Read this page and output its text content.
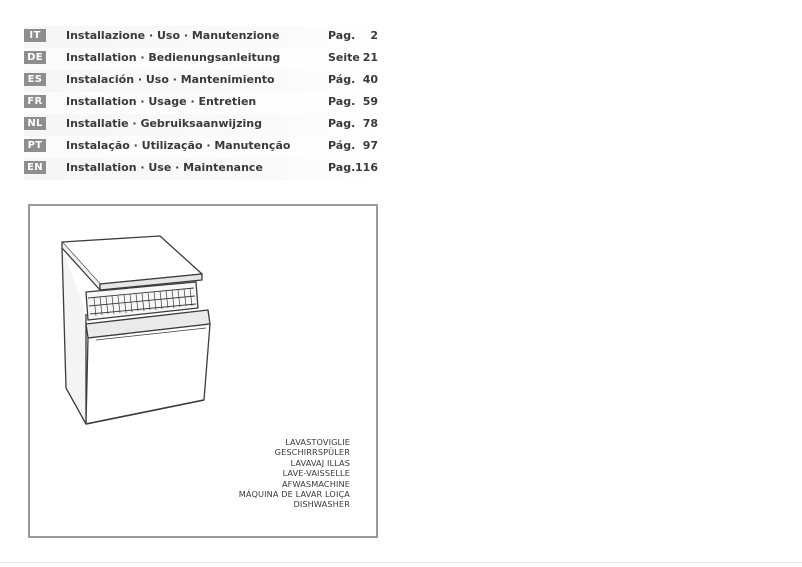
IT	Installazione · Uso · Manutenzione	Pag. 2
DE Installation · Bedienungsanleitung	Seite 21
ES	Instalación · Uso · Mantenimiento	Pág. 40
FR	Installation · Usage · Entretien	Pag. 59
NL	Installatie · Gebruiksaanwijzing	Pag. 78
PT	Instalação · Utilização · Manutenção	Pág. 97
EN Installation · Use · Maintenance	Pag. 116
LAVASTOVIGLIE
GESCHIRRSPÜLER
LAVAVAJ ILLAS
LAVE-VAISSELLE
AFWASMACHINE
MÁQUINA DE LAVAR LOIÇA
DISHWASHER
